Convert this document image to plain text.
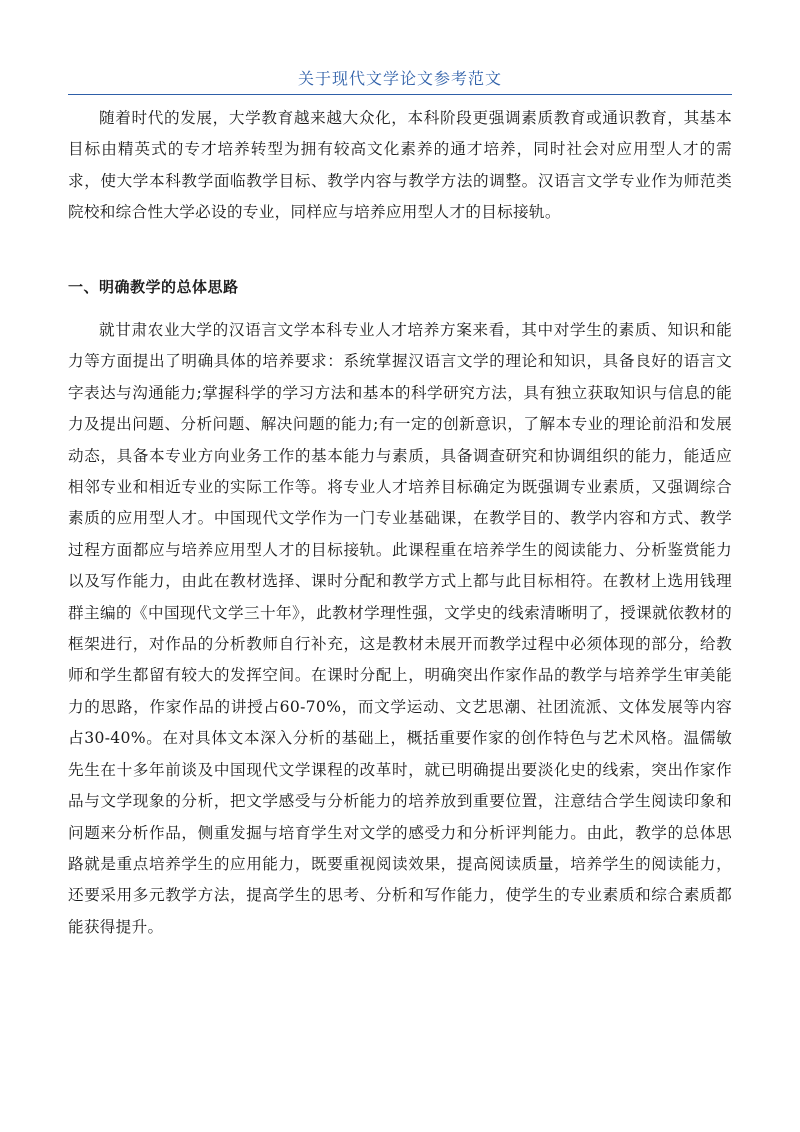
关于现代文学论文参考范文

随着时代的发展，大学教育越来越大众化，本科阶段更强调素质教育或通识教育，其基本目标由精英式的专才培养转型为拥有较高文化素养的通才培养，同时社会对应用型人才的需求，使大学本科教学面临教学目标、教学内容与教学方法的调整。汉语言文学专业作为师范类院校和综合性大学必设的专业，同样应与培养应用型人才的目标接轨。

一、明确教学的总体思路

就甘肃农业大学的汉语言文学本科专业人才培养方案来看，其中对学生的素质、知识和能力等方面提出了明确具体的培养要求：系统掌握汉语言文学的理论和知识，具备良好的语言文字表达与沟通能力;掌握科学的学习方法和基本的科学研究方法，具有独立获取知识与信息的能力及提出问题、分析问题、解决问题的能力;有一定的创新意识，了解本专业的理论前沿和发展动态，具备本专业方向业务工作的基本能力与素质，具备调查研究和协调组织的能力，能适应相邻专业和相近专业的实际工作等。将专业人才培养目标确定为既强调专业素质，又强调综合素质的应用型人才。中国现代文学作为一门专业基础课，在教学目的、教学内容和方式、教学过程方面都应与培养应用型人才的目标接轨。此课程重在培养学生的阅读能力、分析鉴赏能力以及写作能力，由此在教材选择、课时分配和教学方式上都与此目标相符。在教材上选用钱理群主编的《中国现代文学三十年》，此教材学理性强，文学史的线索清晰明了，授课就依教材的框架进行，对作品的分析教师自行补充，这是教材未展开而教学过程中必须体现的部分，给教师和学生都留有较大的发挥空间。在课时分配上，明确突出作家作品的教学与培养学生审美能力的思路，作家作品的讲授占60-70%，而文学运动、文艺思潮、社团流派、文体发展等内容占30-40%。在对具体文本深入分析的基础上，概括重要作家的创作特色与艺术风格。温儒敏先生在十多年前谈及中国现代文学课程的改革时，就已明确提出要淡化史的线索，突出作家作品与文学现象的分析，把文学感受与分析能力的培养放到重要位置，注意结合学生阅读印象和问题来分析作品，侧重发掘与培育学生对文学的感受力和分析评判能力。由此，教学的总体思路就是重点培养学生的应用能力，既要重视阅读效果，提高阅读质量，培养学生的阅读能力，还要采用多元教学方法，提高学生的思考、分析和写作能力，使学生的专业素质和综合素质都能获得提升。
